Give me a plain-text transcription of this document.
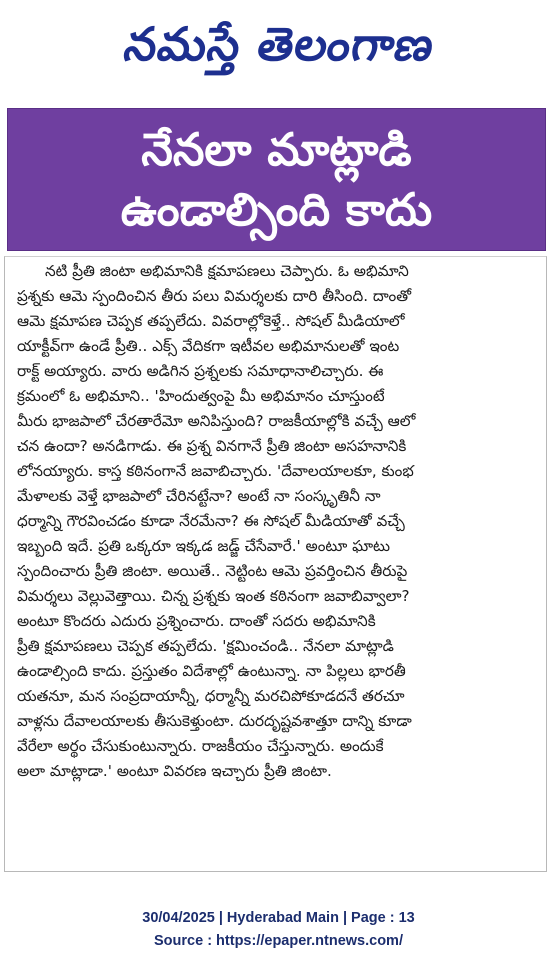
నమస్తే తెలంగాణ
నేనలా మాట్లాడి
ఉండాల్సింది కాదు
నటి ప్రీతి జింటా అభిమానికి క్షమాపణలు చెప్పారు. ఓ అభిమాని
ప్రశ్నకు ఆమె స్పందించిన తీరు పలు విమర్శలకు దారి తీసింది. దాంతో
ఆమె క్షమాపణ చెప్పక తప్పలేదు. వివరాల్లోకెళ్తే.. సోషల్ మీడియాలో
యాక్టీవ్‌గా ఉండే ప్రీతి.. ఎక్స్ వేదికగా ఇటీవల అభిమానులతో ఇంట
రాక్ట్ అయ్యారు. వారు అడిగిన ప్రశ్నలకు సమాధానాలిచ్చారు. ఈ
క్రమంలో ఓ అభిమాని.. 'హిందుత్వంపై మీ అభిమానం చూస్తుంటే
మీరు భాజపాలో చేరతారేమో అనిపిస్తుంది? రాజకీయాల్లోకి వచ్చే ఆలో
చన ఉందా? అనడిగాడు. ఈ ప్రశ్న వినగానే ప్రీతి జింటా అసహనానికి
లోనయ్యారు. కాస్త కఠినంగానే జవాబిచ్చారు. 'దేవాలయాలకూ, కుంభ
మేళాలకు వెళ్తే భాజపాలో చేరినట్టేనా? అంటే నా సంస్కృతినీ నా
ధర్మాన్ని గౌరవించడం కూడా నేరమేనా? ఈ సోషల్ మీడియాతో వచ్చే
ఇబ్బంది ఇదే. ప్రతి ఒక్కరూ ఇక్కడ జడ్జ్ చేసేవారే.' అంటూ ఘాటు
స్పందించారు ప్రీతి జింటా. అయితే.. నెట్టింట ఆమె ప్రవర్తించిన తీరుపై
విమర్శలు వెల్లువెత్తాయి. చిన్న ప్రశ్నకు ఇంత కఠినంగా జవాబివ్వాలా?
అంటూ కొందరు ఎదురు ప్రశ్నించారు. దాంతో సదరు అభిమానికి
ప్రీతి క్షమాపణలు చెప్పక తప్పలేదు. 'క్షమించండి.. నేనలా మాట్లాడి
ఉండాల్సింది కాదు. ప్రస్తుతం విదేశాల్లో ఉంటున్నా. నా పిల్లలు భారతీ
యతనూ, మన సంప్రదాయాన్నీ, ధర్మాన్నీ మరచిపోకూడదనే తరచూ
వాళ్లను దేవాలయాలకు తీసుకెళ్తుంటా. దురదృష్టవశాత్తూ దాన్ని కూడా
వేరేలా అర్థం చేసుకుంటున్నారు. రాజకీయం చేస్తున్నారు. అందుకే
అలా మాట్లాడా.' అంటూ వివరణ ఇచ్చారు ప్రీతి జింటా.
30/04/2025 | Hyderabad Main | Page : 13
Source : https://epaper.ntnews.com/
